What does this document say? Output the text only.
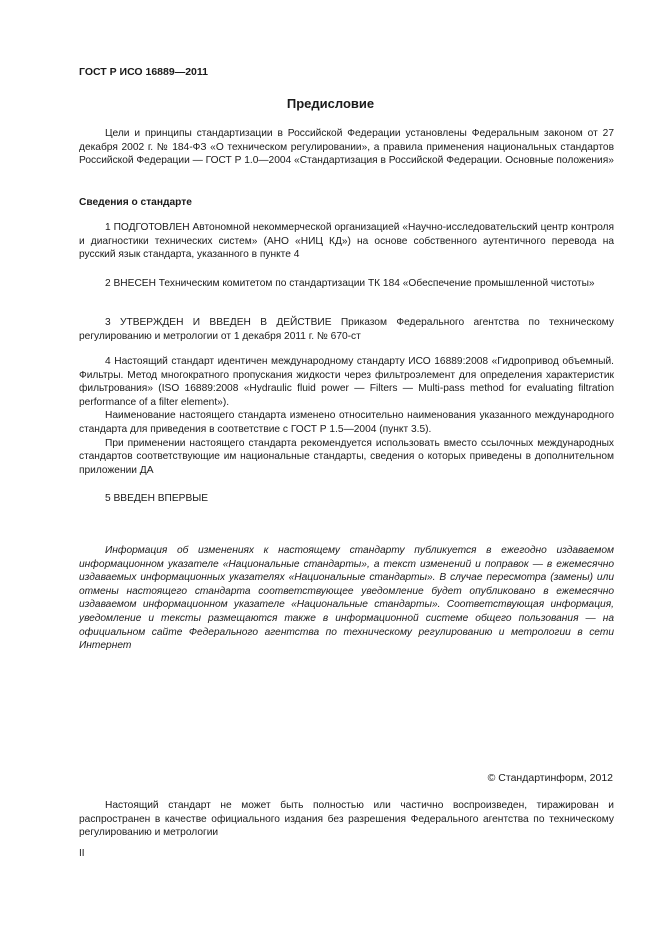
ГОСТ Р ИСО 16889—2011
Предисловие

Цели и принципы стандартизации в Российской Федерации установлены Федеральным законом от 27 декабря 2002 г. № 184-ФЗ «О техническом регулировании», а правила применения национальных стандартов Российской Федерации — ГОСТ Р 1.0—2004 «Стандартизация в Российской Федерации. Основные положения»

Сведения о стандарте

1 ПОДГОТОВЛЕН Автономной некоммерческой организацией «Научно-исследовательский центр контроля и диагностики технических систем» (АНО «НИЦ КД») на основе собственного аутентичного перевода на русский язык стандарта, указанного в пункте 4

2 ВНЕСЕН Техническим комитетом по стандартизации ТК 184 «Обеспечение промышленной чистоты»

3 УТВЕРЖДЕН И ВВЕДЕН В ДЕЙСТВИЕ Приказом Федерального агентства по техническому регулированию и метрологии от 1 декабря 2011 г. № 670-ст

4 Настоящий стандарт идентичен международному стандарту ИСО 16889:2008 «Гидропривод объемный. Фильтры. Метод многократного пропускания жидкости через фильтроэлемент для определения характеристик фильтрования» (ISO 16889:2008 «Hydraulic fluid power — Filters — Multi-pass method for evaluating filtration performance of a filter element»).

Наименование настоящего стандарта изменено относительно наименования указанного международного стандарта для приведения в соответствие с ГОСТ Р 1.5—2004 (пункт 3.5).

При применении настоящего стандарта рекомендуется использовать вместо ссылочных международных стандартов соответствующие им национальные стандарты, сведения о которых приведены в дополнительном приложении ДА

5 ВВЕДЕН ВПЕРВЫЕ

Информация об изменениях к настоящему стандарту публикуется в ежегодно издаваемом информационном указателе «Национальные стандарты», а текст изменений и поправок — в ежемесячно издаваемых информационных указателях «Национальные стандарты». В случае пересмотра (замены) или отмены настоящего стандарта соответствующее уведомление будет опубликовано в ежемесячно издаваемом информационном указателе «Национальные стандарты». Соответствующая информация, уведомление и тексты размещаются также в информационной системе общего пользования — на официальном сайте Федерального агентства по техническому регулированию и метрологии в сети Интернет

© Стандартинформ, 2012

Настоящий стандарт не может быть полностью или частично воспроизведен, тиражирован и распространен в качестве официального издания без разрешения Федерального агентства по техническому регулированию и метрологии

II
